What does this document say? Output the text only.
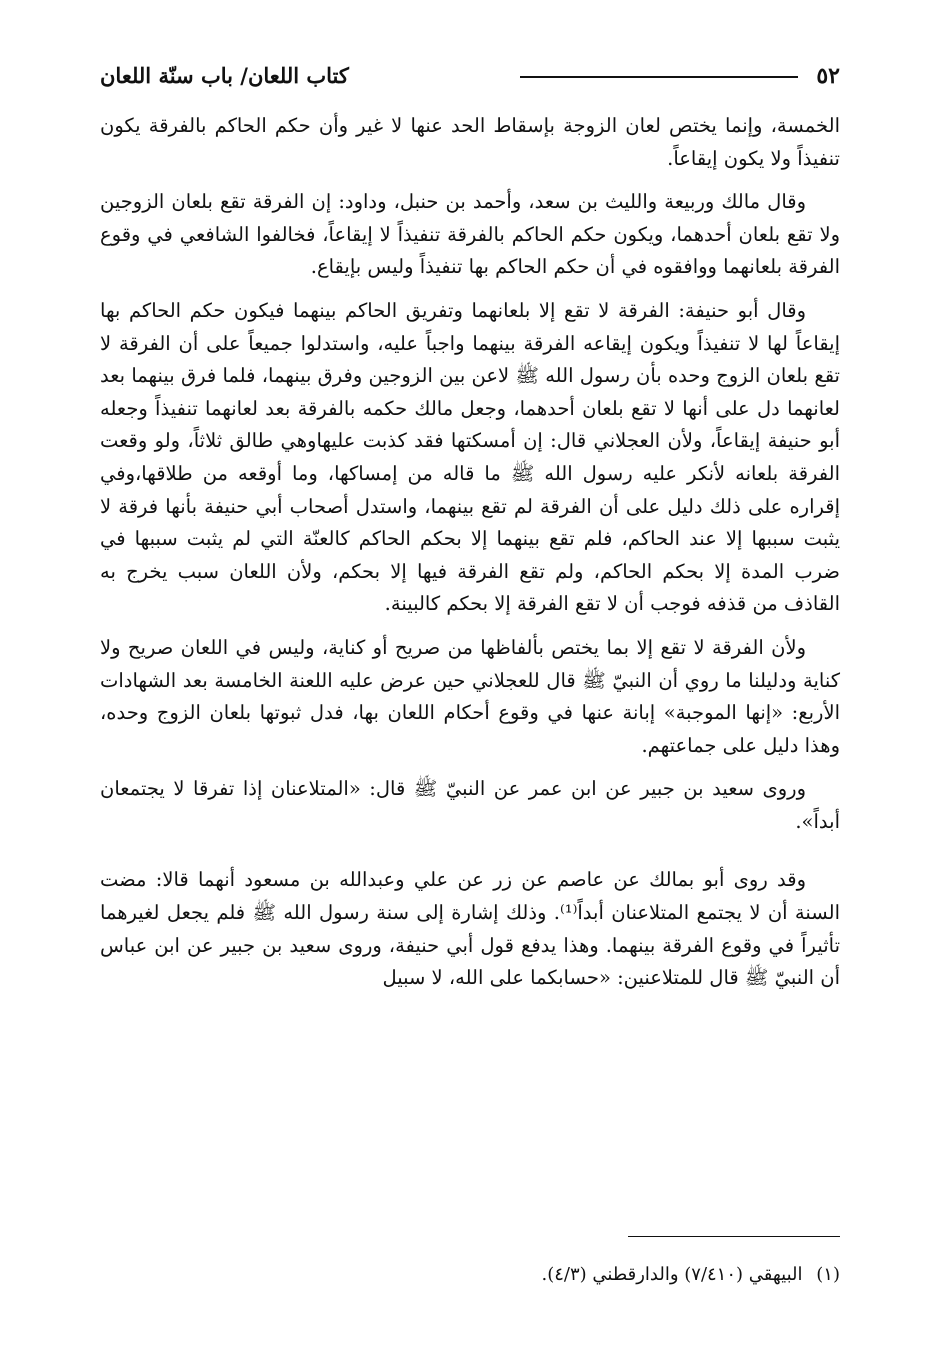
٥٢
كتاب اللعان/ باب سنّة اللعان

الخمسة، وإنما يختص لعان الزوجة بإسقاط الحد عنها لا غير وأن حكم الحاكم بالفرقة يكون تنفيذاً ولا يكون إيقاعاً.

وقال مالك وربيعة والليث بن سعد، وأحمد بن حنبل، وداود: إن الفرقة تقع بلعان الزوجين ولا تقع بلعان أحدهما، ويكون حكم الحاكم بالفرقة تنفيذاً لا إيقاعاً، فخالفوا الشافعي في وقوع الفرقة بلعانهما ووافقوه في أن حكم الحاكم بها تنفيذاً وليس بإيقاع.

وقال أبو حنيفة: الفرقة لا تقع إلا بلعانهما وتفريق الحاكم بينهما فيكون حكم الحاكم بها إيقاعاً لها لا تنفيذاً ويكون إيقاعه الفرقة بينهما واجباً عليه، واستدلوا جميعاً على أن الفرقة لا تقع بلعان الزوج وحده بأن رسول الله ﷺ لاعن بين الزوجين وفرق بينهما، فلما فرق بينهما بعد لعانهما دل على أنها لا تقع بلعان أحدهما، وجعل مالك حكمه بالفرقة بعد لعانهما تنفيذاً وجعله أبو حنيفة إيقاعاً، ولأن العجلاني قال: إن أمسكتها فقد كذبت عليهاوهي طالق ثلاثاً، ولو وقعت الفرقة بلعانه لأنكر عليه رسول الله ﷺ ما قاله من إمساكها، وما أوقعه من طلاقها،وفي إقراره على ذلك دليل على أن الفرقة لم تقع بينهما، واستدل أصحاب أبي حنيفة بأنها فرقة لا يثبت سببها إلا عند الحاكم، فلم تقع بينهما إلا بحكم الحاكم كالعنّة التي لم يثبت سببها في ضرب المدة إلا بحكم الحاكم، ولم تقع الفرقة فيها إلا بحكم، ولأن اللعان سبب يخرج به القاذف من قذفه فوجب أن لا تقع الفرقة إلا بحكم كالبينة.

ولأن الفرقة لا تقع إلا بما يختص بألفاظها من صريح أو كناية، وليس في اللعان صريح ولا كناية ودليلنا ما روي أن النبيّ ﷺ قال للعجلاني حين عرض عليه اللعنة الخامسة بعد الشهادات الأربع: «إنها الموجبة» إبانة عنها في وقوع أحكام اللعان بها، فدل ثبوتها بلعان الزوج وحده، وهذا دليل على جماعتهم.

وروى سعيد بن جبير عن ابن عمر عن النبيّ ﷺ قال: «المتلاعنان إذا تفرقا لا يجتمعان أبداً».

وقد روى أبو بمالك عن عاصم عن زر عن علي وعبدالله بن مسعود أنهما قالا: مضت السنة أن لا يجتمع المتلاعنان أبداً⁽¹⁾. وذلك إشارة إلى سنة رسول الله ﷺ فلم يجعل لغيرهما تأثيراً في وقوع الفرقة بينهما. وهذا يدفع قول أبي حنيفة، وروى سعيد بن جبير عن ابن عباس أن النبيّ ﷺ قال للمتلاعنين: «حسابكما على الله، لا سبيل

(١) البيهقي (٧/٤١٠) والدارقطني (٤/٣).
